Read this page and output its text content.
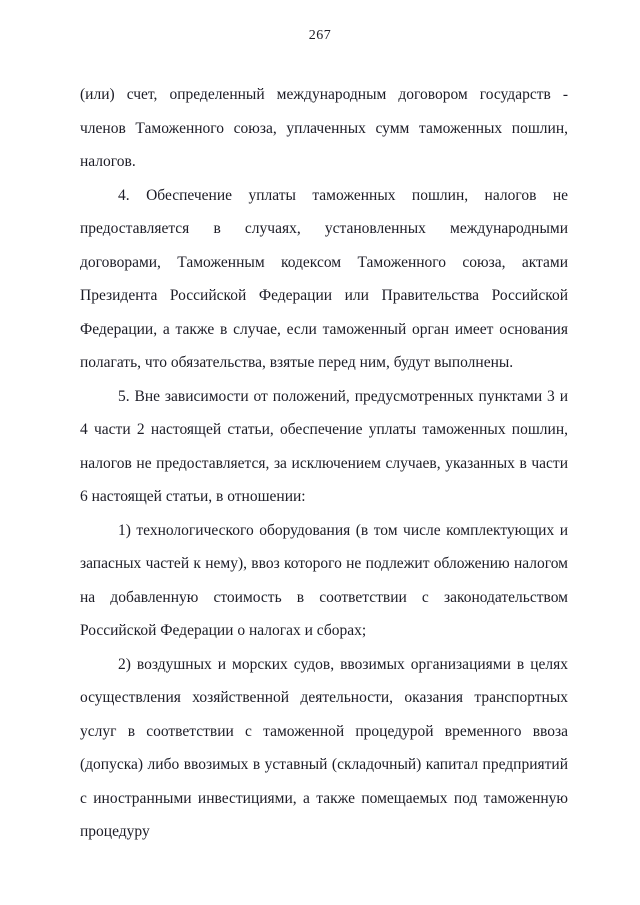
267

(или) счет, определенный международным договором государств - членов Таможенного союза, уплаченных сумм таможенных пошлин, налогов.

4. Обеспечение уплаты таможенных пошлин, налогов не предоставляется в случаях, установленных международными договорами, Таможенным кодексом Таможенного союза, актами Президента Российской Федерации или Правительства Российской Федерации, а также в случае, если таможенный орган имеет основания полагать, что обязательства, взятые перед ним, будут выполнены.

5. Вне зависимости от положений, предусмотренных пунктами 3 и 4 части 2 настоящей статьи, обеспечение уплаты таможенных пошлин, налогов не предоставляется, за исключением случаев, указанных в части 6 настоящей статьи, в отношении:

1) технологического оборудования (в том числе комплектующих и запасных частей к нему), ввоз которого не подлежит обложению налогом на добавленную стоимость в соответствии с законодательством Российской Федерации о налогах и сборах;

2) воздушных и морских судов, ввозимых организациями в целях осуществления хозяйственной деятельности, оказания транспортных услуг в соответствии с таможенной процедурой временного ввоза (допуска) либо ввозимых в уставный (складочный) капитал предприятий с иностранными инвестициями, а также помещаемых под таможенную процедуру
